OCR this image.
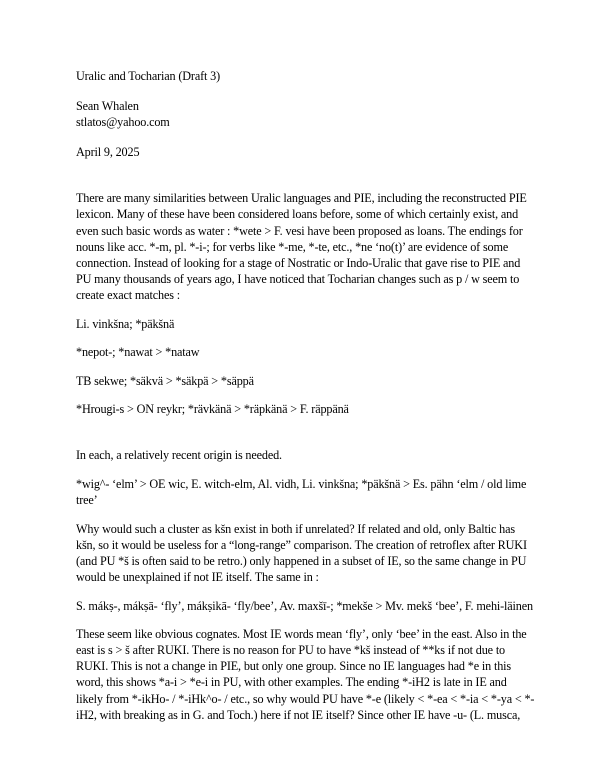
Uralic and Tocharian (Draft 3)
Sean Whalen
stlatos@yahoo.com
April 9, 2025
There are many similarities between Uralic languages and PIE, including the reconstructed PIE
lexicon. Many of these have been considered loans before, some of which certainly exist, and
even such basic words as water : *wete > F. vesi have been proposed as loans. The endings for
nouns like acc. *-m, pl. *-i-; for verbs like *-me, *-te, etc., *ne ‘no(t)’ are evidence of some
connection. Instead of looking for a stage of Nostratic or Indo-Uralic that gave rise to PIE and
PU many thousands of years ago, I have noticed that Tocharian changes such as p / w seem to
create exact matches :
Li. vinkšna; *päkšnä
*nepot-; *nawat > *nataw
TB sekwe; *säkvä > *säkpä > *säppä
*Hrougi-s > ON reykr; *rävkänä > *räpkänä > F. räppänä
In each, a relatively recent origin is needed.
*wig^- ‘elm’ > OE wic, E. witch-elm, Al. vidh, Li. vinkšna; *päkšnä > Es. pähn ‘elm / old lime
tree’
Why would such a cluster as kšn exist in both if unrelated? If related and old, only Baltic has
kšn, so it would be useless for a “long-range” comparison. The creation of retroflex after RUKI
(and PU *š is often said to be retro.) only happened in a subset of IE, so the same change in PU
would be unexplained if not IE itself. The same in :
S. mákṣ-, mákṣā- ‘fly’, mákṣikā- ‘fly/bee’, Av. maxšī-; *mekše > Mv. mekš ‘bee’, F. mehi-läinen
These seem like obvious cognates. Most IE words mean ‘fly’, only ‘bee’ in the east. Also in the
east is s > š after RUKI. There is no reason for PU to have *kš instead of **ks if not due to
RUKI. This is not a change in PIE, but only one group. Since no IE languages had *e in this
word, this shows *a-i > *e-i in PU, with other examples. The ending *-iH2 is late in IE and
likely from *-ikHo- / *-iHk^o- / etc., so why would PU have *-e (likely < *-ea < *-ia < *-ya < *-
iH2, with breaking as in G. and Toch.) here if not IE itself? Since other IE have -u- (L. musca,
